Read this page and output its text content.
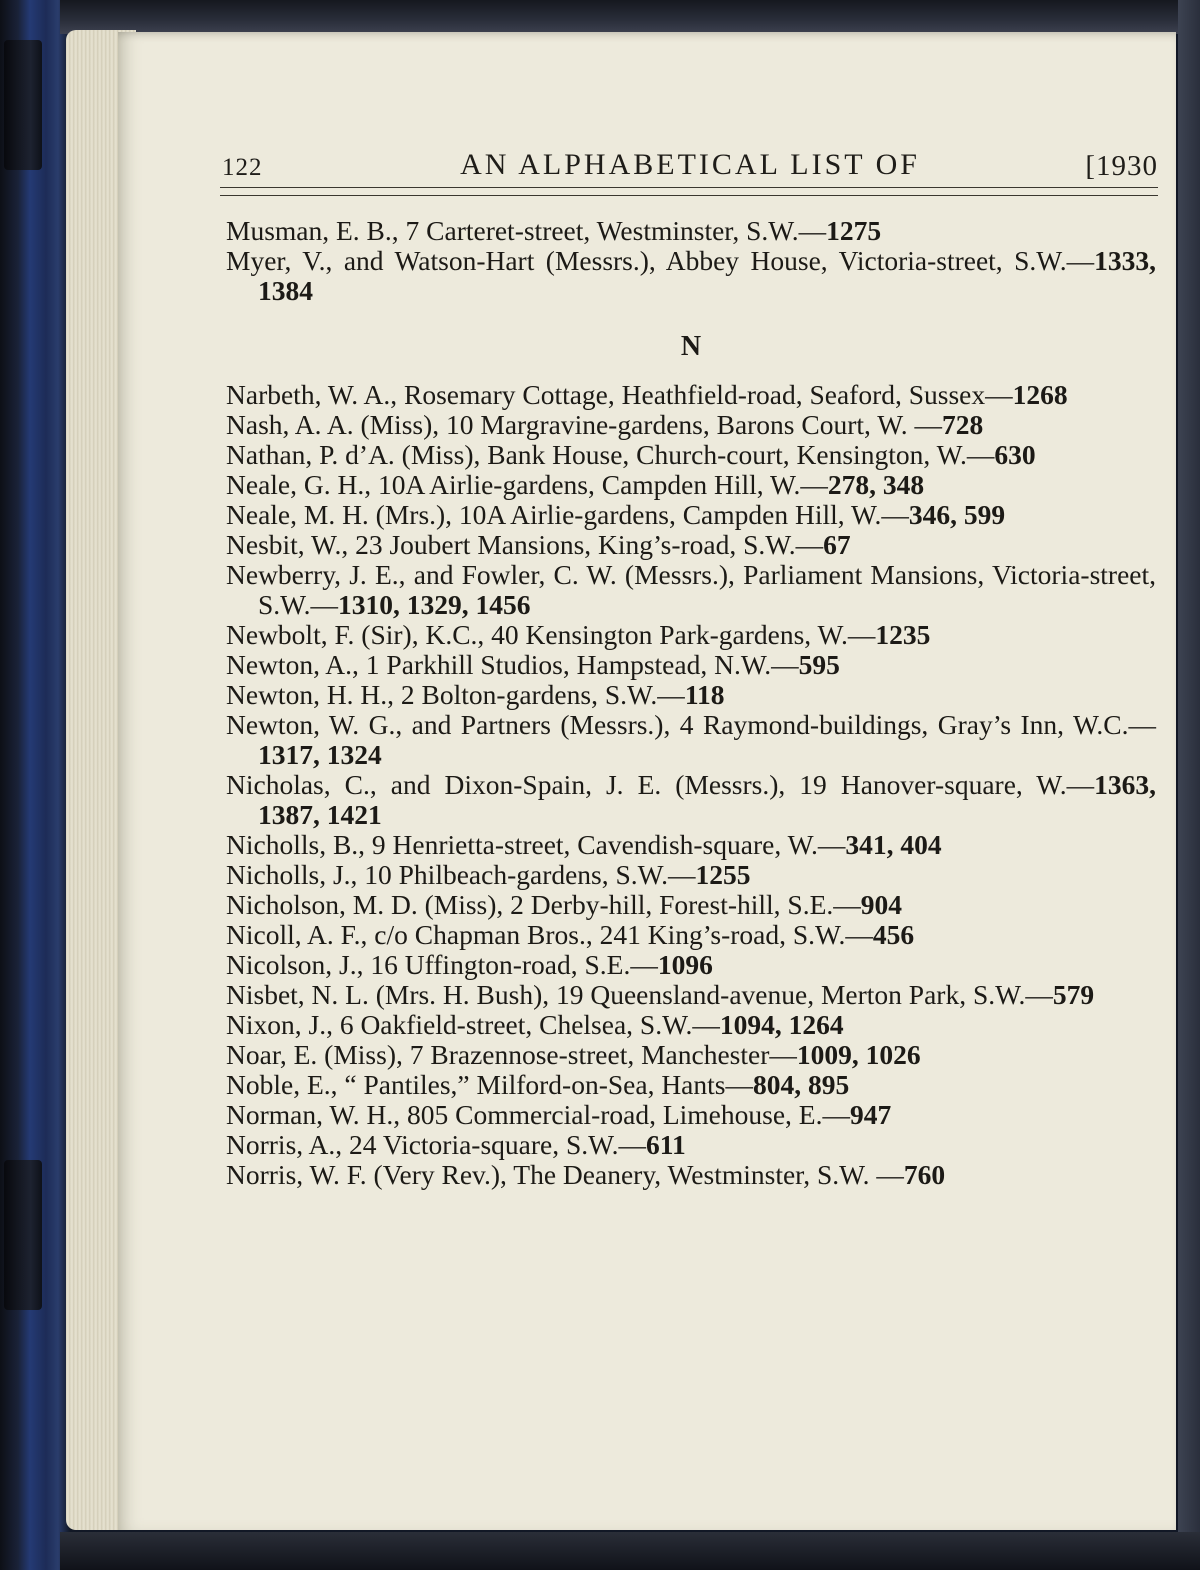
122	AN ALPHABETICAL LIST OF	[1930
Musman, E. B., 7 Carteret-street, Westminster, S.W.—1275
Myer, V., and Watson-Hart (Messrs.), Abbey House, Victoria-street, S.W.—1333, 1384
N
Narbeth, W. A., Rosemary Cottage, Heathfield-road, Seaford, Sussex—1268
Nash, A. A. (Miss), 10 Margravine-gardens, Barons Court, W. —728
Nathan, P. d’A. (Miss), Bank House, Church-court, Kensington, W.—630
Neale, G. H., 10A Airlie-gardens, Campden Hill, W.—278, 348
Neale, M. H. (Mrs.), 10A Airlie-gardens, Campden Hill, W.—346, 599
Nesbit, W., 23 Joubert Mansions, King’s-road, S.W.—67
Newberry, J. E., and Fowler, C. W. (Messrs.), Parliament Mansions, Victoria-street, S.W.—1310, 1329, 1456
Newbolt, F. (Sir), K.C., 40 Kensington Park-gardens, W.—1235
Newton, A., 1 Parkhill Studios, Hampstead, N.W.—595
Newton, H. H., 2 Bolton-gardens, S.W.—118
Newton, W. G., and Partners (Messrs.), 4 Raymond-buildings, Gray’s Inn, W.C.—1317, 1324
Nicholas, C., and Dixon-Spain, J. E. (Messrs.), 19 Hanover-square, W.—1363, 1387, 1421
Nicholls, B., 9 Henrietta-street, Cavendish-square, W.—341, 404
Nicholls, J., 10 Philbeach-gardens, S.W.—1255
Nicholson, M. D. (Miss), 2 Derby-hill, Forest-hill, S.E.—904
Nicoll, A. F., c/o Chapman Bros., 241 King’s-road, S.W.—456
Nicolson, J., 16 Uffington-road, S.E.—1096
Nisbet, N. L. (Mrs. H. Bush), 19 Queensland-avenue, Merton Park, S.W.—579
Nixon, J., 6 Oakfield-street, Chelsea, S.W.—1094, 1264
Noar, E. (Miss), 7 Brazennose-street, Manchester—1009, 1026
Noble, E., “ Pantiles,” Milford-on-Sea, Hants—804, 895
Norman, W. H., 805 Commercial-road, Limehouse, E.—947
Norris, A., 24 Victoria-square, S.W.—611
Norris, W. F. (Very Rev.), The Deanery, Westminster, S.W. —760
